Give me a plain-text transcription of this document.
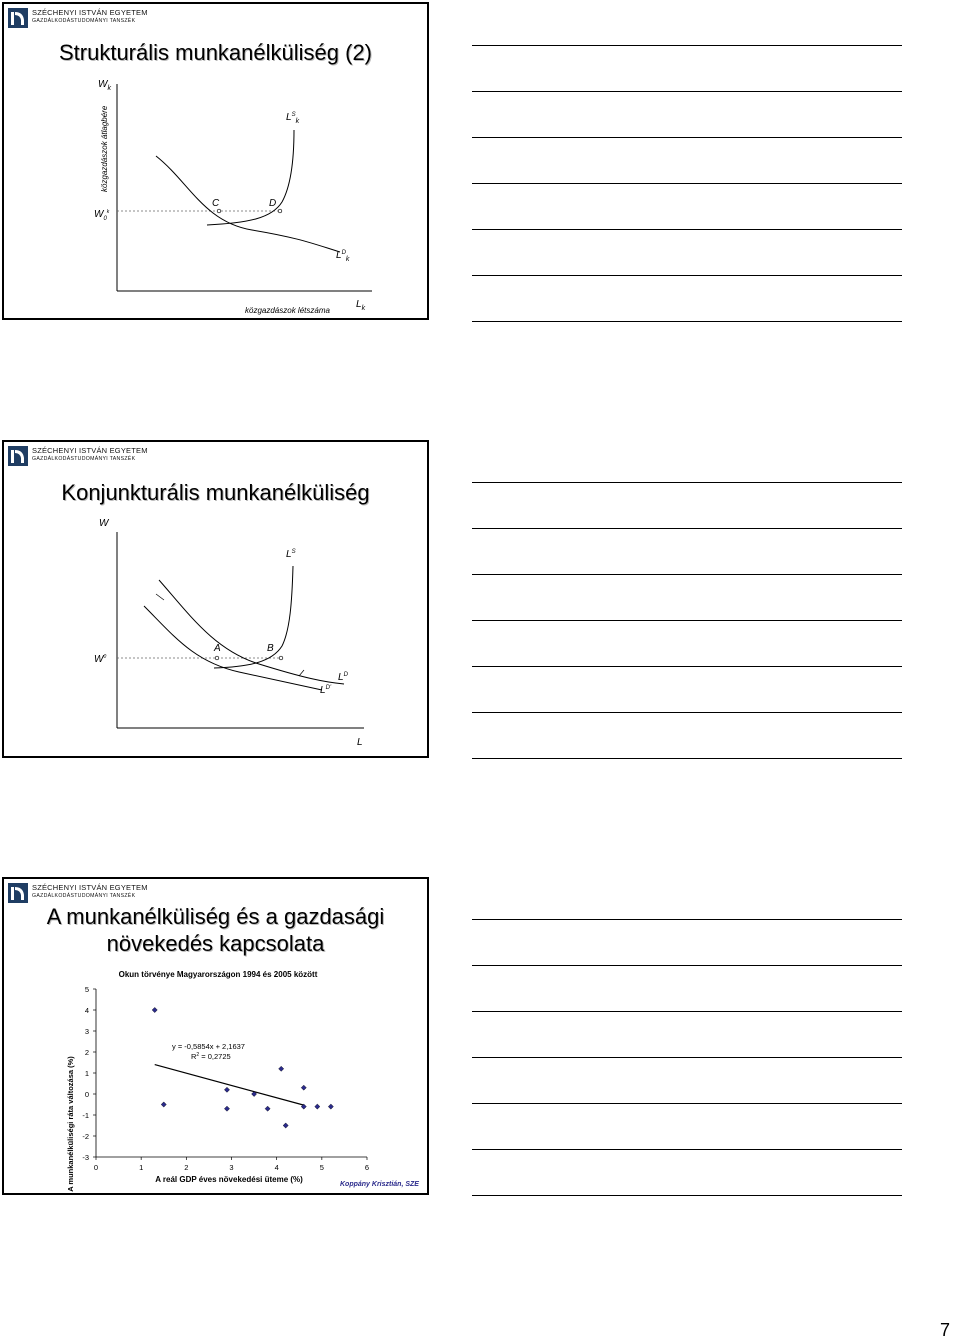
SZÉCHENYI ISTVÁN EGYETEM
GAZDÁLKODÁSTUDOMÁNYI TANSZÉK
Strukturális munkanélküliség (2)
$W_k$
közgazdászok átlagbére
$W_0^k$
C	D
$L^S_k$
$L^D_k$
közgazdászok létszáma
$L_k$
SZÉCHENYI ISTVÁN EGYETEM
GAZDÁLKODÁSTUDOMÁNYI TANSZÉK
Konjunkturális munkanélküliség
W
$L^S$
$W^0$
A	B
$L^D$
$L^{D’}$
L
SZÉCHENYI ISTVÁN EGYETEM
GAZDÁLKODÁSTUDOMÁNYI TANSZÉK
A munkanélküliség és a gazdasági
növekedés kapcsolata
Okun törvénye Magyarországon 1994 és 2005 között
A munkanélküliségi ráta változása (%)	A reál GDP éves növekedési üteme (%)
y = -0,5854x + 2,1637
$R^2 = 0,2725$
Koppány Krisztián, SZE
5
4
3
2
1
0
-1
-2
-3
0	1	2	3	4	5	6
7
